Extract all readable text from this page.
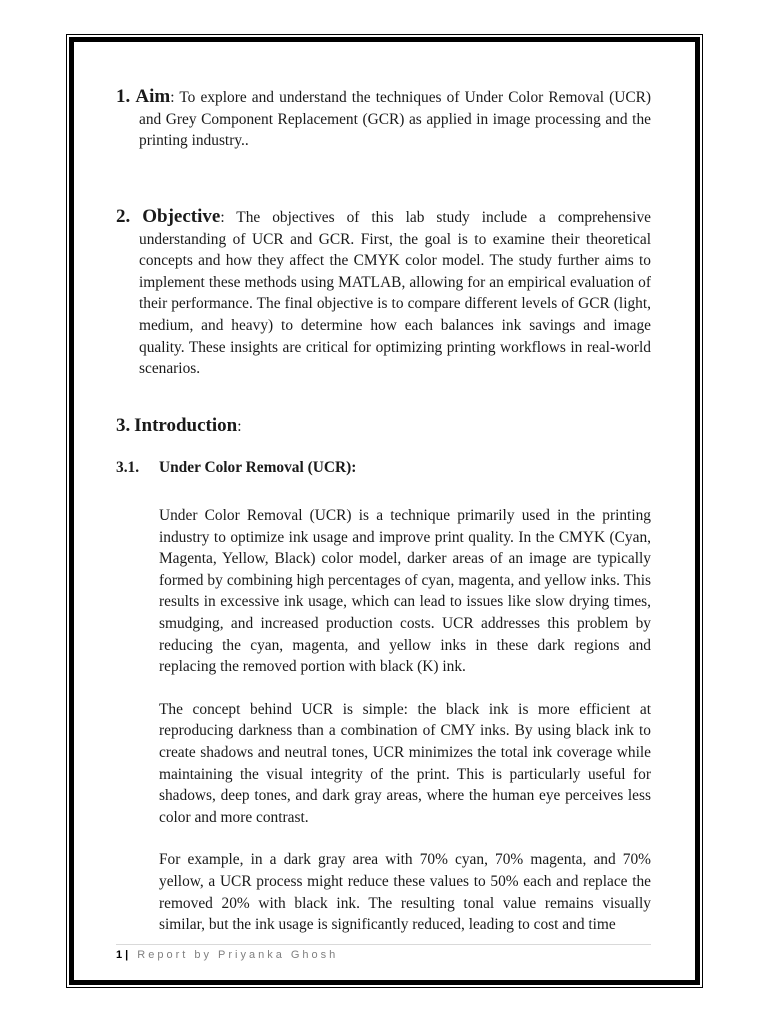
1. Aim: To explore and understand the techniques of Under Color Removal (UCR) and Grey Component Replacement (GCR) as applied in image processing and the printing industry..

2. Objective: The objectives of this lab study include a comprehensive understanding of UCR and GCR. First, the goal is to examine their theoretical concepts and how they affect the CMYK color model. The study further aims to implement these methods using MATLAB, allowing for an empirical evaluation of their performance. The final objective is to compare different levels of GCR (light, medium, and heavy) to determine how each balances ink savings and image quality. These insights are critical for optimizing printing workflows in real-world scenarios.

3. Introduction:

3.1. Under Color Removal (UCR):

Under Color Removal (UCR) is a technique primarily used in the printing industry to optimize ink usage and improve print quality. In the CMYK (Cyan, Magenta, Yellow, Black) color model, darker areas of an image are typically formed by combining high percentages of cyan, magenta, and yellow inks. This results in excessive ink usage, which can lead to issues like slow drying times, smudging, and increased production costs. UCR addresses this problem by reducing the cyan, magenta, and yellow inks in these dark regions and replacing the removed portion with black (K) ink.

The concept behind UCR is simple: the black ink is more efficient at reproducing darkness than a combination of CMY inks. By using black ink to create shadows and neutral tones, UCR minimizes the total ink coverage while maintaining the visual integrity of the print. This is particularly useful for shadows, deep tones, and dark gray areas, where the human eye perceives less color and more contrast.

For example, in a dark gray area with 70% cyan, 70% magenta, and 70% yellow, a UCR process might reduce these values to 50% each and replace the removed 20% with black ink. The resulting tonal value remains visually similar, but the ink usage is significantly reduced, leading to cost and time

1| Report by Priyanka Ghosh
